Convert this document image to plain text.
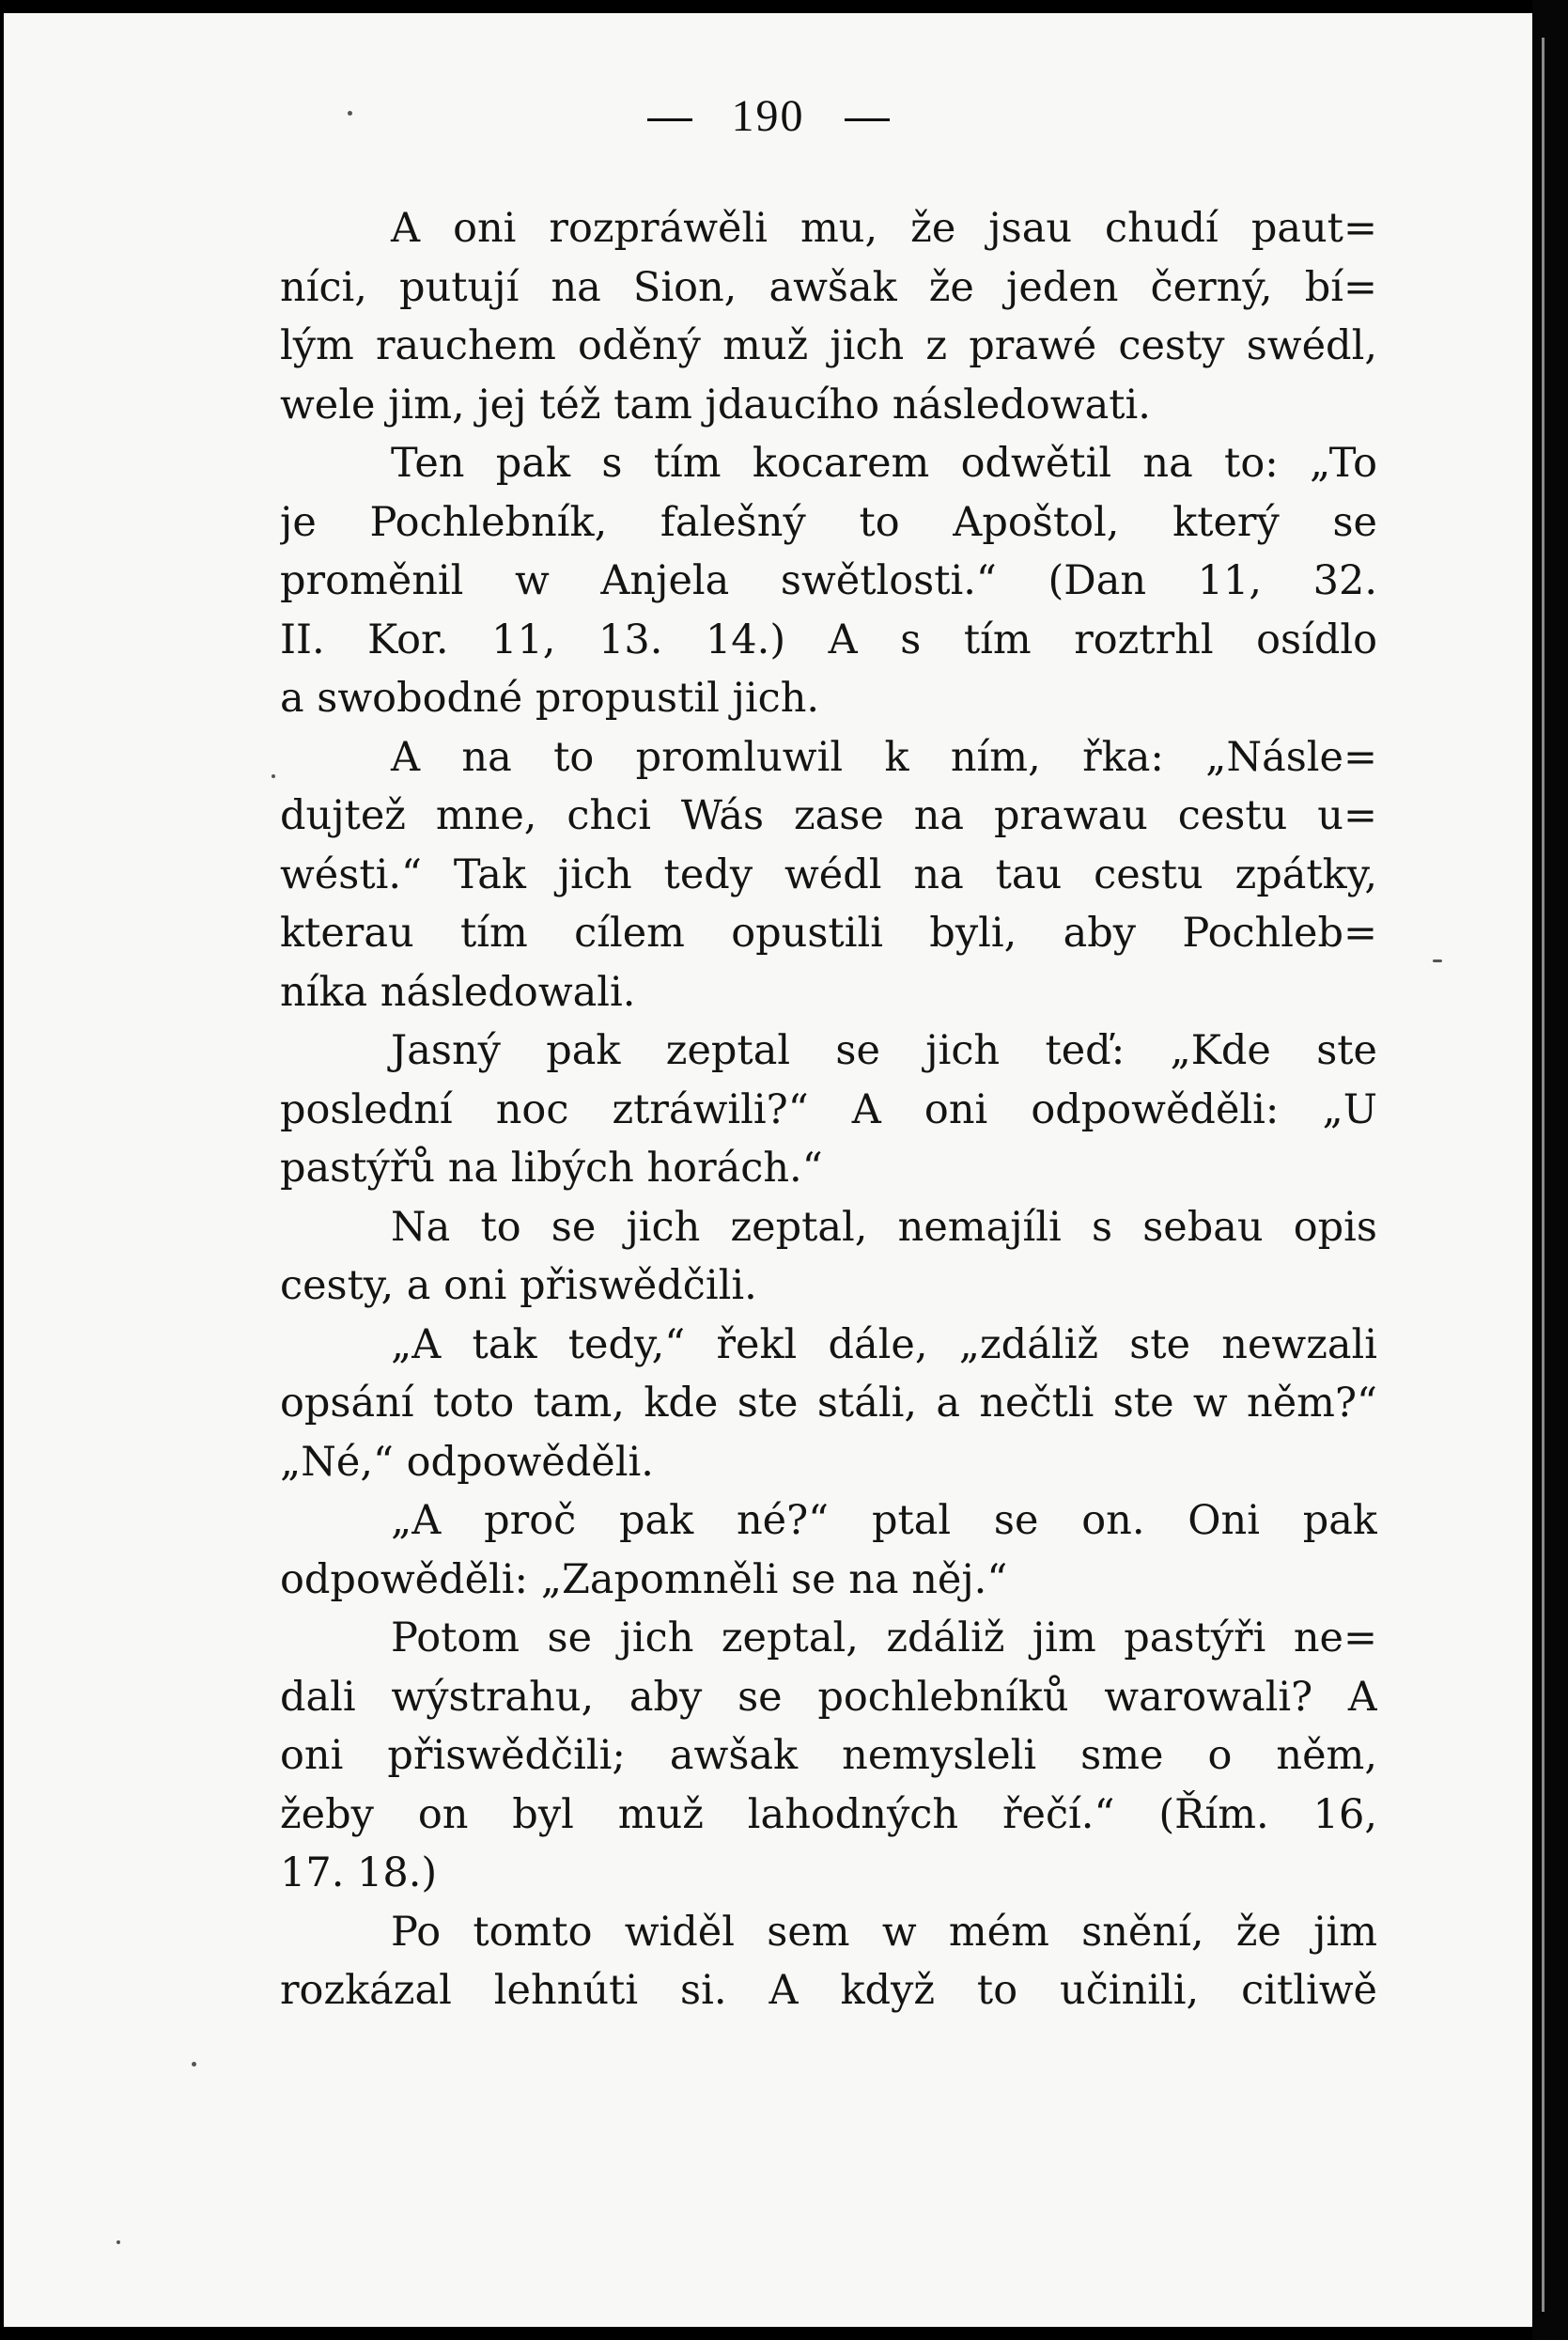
190
A oni rozpráwěli mu, že jsau chudí paut=
níci, putují na Sion, awšak že jeden černý, bí=
lým rauchem oděný muž jich z prawé cesty swédl,
wele jim, jej též tam jdaucího následowati.
Ten pak s tím kocarem odwětil na to: „To
je Pochlebník, falešný to Apoštol, který se
proměnil w Anjela swětlosti.“ (Dan 11, 32.
II. Kor. 11, 13. 14.) A s tím roztrhl osídlo
a swobodné propustil jich.
A na to promluwil k ním, řka: „Násle=
dujtež mne, chci Wás zase na prawau cestu u=
wésti.“ Tak jich tedy wédl na tau cestu zpátky,
kterau tím cílem opustili byli, aby Pochleb=
níka následowali.
Jasný pak zeptal se jich teď: „Kde ste
poslední noc ztráwili?“ A oni odpowěděli: „U
pastýřů na libých horách.“
Na to se jich zeptal, nemajíli s sebau opis
cesty, a oni přiswědčili.
„A tak tedy,“ řekl dále, „zdáliž ste newzali
opsání toto tam, kde ste stáli, a nečtli ste w něm?“
„Né,“ odpowěděli.
„A proč pak né?“ ptal se on. Oni pak
odpowěděli: „Zapomněli se na něj.“
Potom se jich zeptal, zdáliž jim pastýři ne=
dali wýstrahu, aby se pochlebníků warowali? A
oni přiswědčili; awšak nemysleli sme o něm,
žeby on byl muž lahodných řečí.“ (Řím. 16,
17. 18.)
Po tomto widěl sem w mém snění, že jim
rozkázal lehnúti si. A když to učinili, citliwě
